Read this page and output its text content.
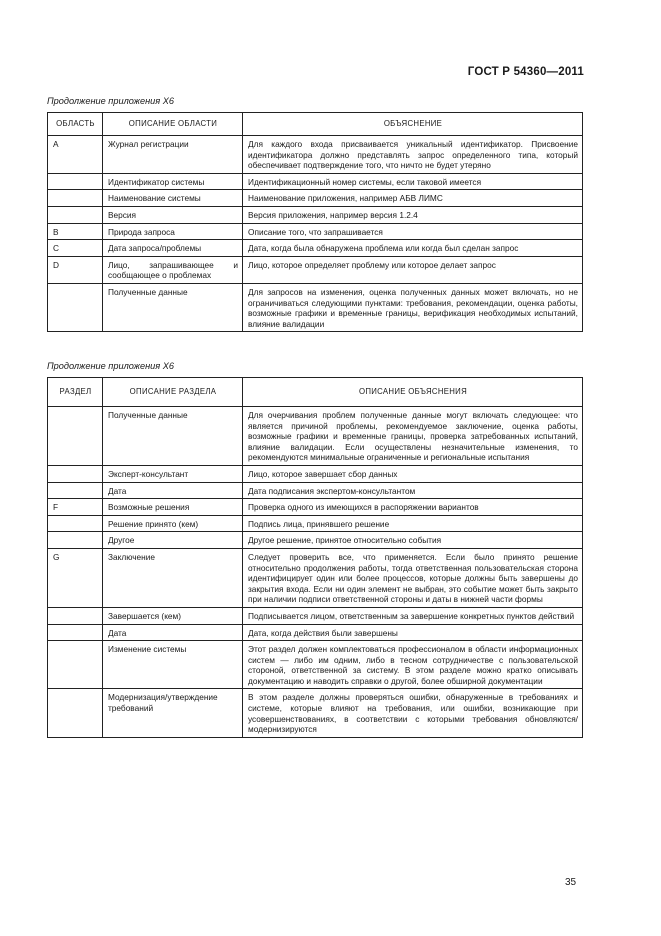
ГОСТ Р 54360—2011
Продолжение приложения Х6
ОБЛАСТЬ	ОПИСАНИЕ ОБЛАСТИ	ОБЪЯСНЕНИЕ
A	Журнал регистрации	Для каждого входа присваивается уникальный идентификатор. Присвоение идентификатора должно представлять запрос определенного типа, который обеспечивает подтверждение того, что ничто не будет утеряно
	Идентификатор системы	Идентификационный номер системы, если таковой имеется
	Наименование системы	Наименование приложения, например АБВ ЛИМС
	Версия	Версия приложения, например версия 1.2.4
B	Природа запроса	Описание того, что запрашивается
C	Дата запроса/проблемы	Дата, когда была обнаружена проблема или когда был сделан запрос
D	Лицо, запрашивающее и сообщающее о проблемах	Лицо, которое определяет проблему или которое делает запрос
	Полученные данные	Для запросов на изменения, оценка полученных данных может включать, но не ограничиваться следующими пунктами: требования, рекомендации, оценка работы, возможные графики и временные границы, верификация необходимых испытаний, влияние валидации
Продолжение приложения Х6
РАЗДЕЛ	ОПИСАНИЕ РАЗДЕЛА	ОПИСАНИЕ ОБЪЯСНЕНИЯ
	Полученные данные	Для очерчивания проблем полученные данные могут включать следующее: что является причиной проблемы, рекомендуемое заключение, оценка работы, возможные графики и временные границы, проверка затребованных испытаний, влияние валидации. Если осуществлены незначительные изменения, то рекомендуются минимальные ограниченные и региональные испытания
	Эксперт-консультант	Лицо, которое завершает сбор данных
	Дата	Дата подписания экспертом-консультантом
F	Возможные решения	Проверка одного из имеющихся в распоряжении вариантов
	Решение принято (кем)	Подпись лица, принявшего решение
	Другое	Другое решение, принятое относительно события
G	Заключение	Следует проверить все, что применяется. Если было принято решение относительно продолжения работы, тогда ответственная пользовательская сторона идентифицирует один или более процессов, которые должны быть завершены до закрытия входа. Если ни один элемент не выбран, это событие может быть закрыто при наличии подписи ответственной стороны и даты в нижней части формы
	Завершается (кем)	Подписывается лицом, ответственным за завершение конкретных пунктов действий
	Дата	Дата, когда действия были завершены
	Изменение системы	Этот раздел должен комплектоваться профессионалом в области информационных систем — либо им одним, либо в тесном сотрудничестве с пользовательской стороной, ответственной за систему. В этом разделе можно кратко описывать документацию и наводить справки о другой, более обширной документации
	Модернизация/утверждение требований	В этом разделе должны проверяться ошибки, обнаруженные в требованиях и системе, которые влияют на требования, или ошибки, возникающие при усовершенствованиях, в соответствии с которыми требования обновляются/модернизируются
35
